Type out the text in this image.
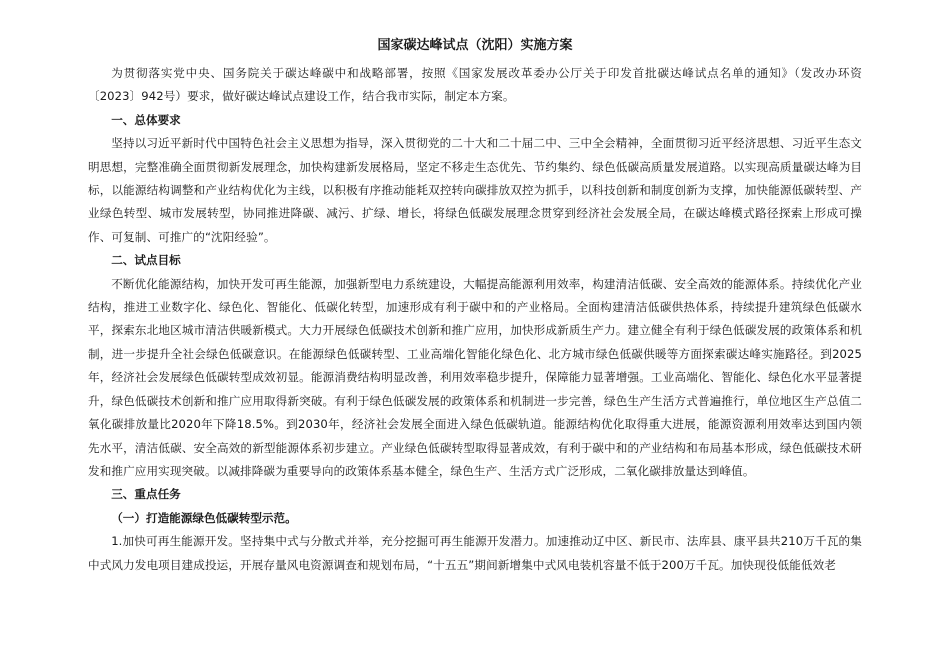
国家碳达峰试点（沈阳）实施方案

为贯彻落实党中央、国务院关于碳达峰碳中和战略部署，按照《国家发展改革委办公厅关于印发首批碳达峰试点名单的通知》（发改办环资〔2023〕942号）要求，做好碳达峰试点建设工作，结合我市实际，制定本方案。

一、总体要求

坚持以习近平新时代中国特色社会主义思想为指导，深入贯彻党的二十大和二十届二中、三中全会精神，全面贯彻习近平经济思想、习近平生态文明思想，完整准确全面贯彻新发展理念，加快构建新发展格局，坚定不移走生态优先、节约集约、绿色低碳高质量发展道路。以实现高质量碳达峰为目标，以能源结构调整和产业结构优化为主线，以积极有序推动能耗双控转向碳排放双控为抓手，以科技创新和制度创新为支撑，加快能源低碳转型、产业绿色转型、城市发展转型，协同推进降碳、减污、扩绿、增长，将绿色低碳发展理念贯穿到经济社会发展全局，在碳达峰模式路径探索上形成可操作、可复制、可推广的“沈阳经验”。

二、试点目标

不断优化能源结构，加快开发可再生能源，加强新型电力系统建设，大幅提高能源利用效率，构建清洁低碳、安全高效的能源体系。持续优化产业结构，推进工业数字化、绿色化、智能化、低碳化转型，加速形成有利于碳中和的产业格局。全面构建清洁低碳供热体系，持续提升建筑绿色低碳水平，探索东北地区城市清洁供暖新模式。大力开展绿色低碳技术创新和推广应用，加快形成新质生产力。建立健全有利于绿色低碳发展的政策体系和机制，进一步提升全社会绿色低碳意识。在能源绿色低碳转型、工业高端化智能化绿色化、北方城市绿色低碳供暖等方面探索碳达峰实施路径。到2025年，经济社会发展绿色低碳转型成效初显。能源消费结构明显改善，利用效率稳步提升，保障能力显著增强。工业高端化、智能化、绿色化水平显著提升，绿色低碳技术创新和推广应用取得新突破。有利于绿色低碳发展的政策体系和机制进一步完善，绿色生产生活方式普遍推行，单位地区生产总值二氧化碳排放量比2020年下降18.5%。到2030年，经济社会发展全面进入绿色低碳轨道。能源结构优化取得重大进展，能源资源利用效率达到国内领先水平，清洁低碳、安全高效的新型能源体系初步建立。产业绿色低碳转型取得显著成效，有利于碳中和的产业结构和布局基本形成，绿色低碳技术研发和推广应用实现突破。以减排降碳为重要导向的政策体系基本健全，绿色生产、生活方式广泛形成，二氧化碳排放量达到峰值。

三、重点任务

（一）打造能源绿色低碳转型示范。

1.加快可再生能源开发。坚持集中式与分散式并举，充分挖掘可再生能源开发潜力。加速推动辽中区、新民市、法库县、康平县共210万千瓦的集中式风力发电项目建成投运，开展存量风电资源调查和规划布局，“十五五”期间新增集中式风电装机容量不低于200万千瓦。加快现役低能低效老
